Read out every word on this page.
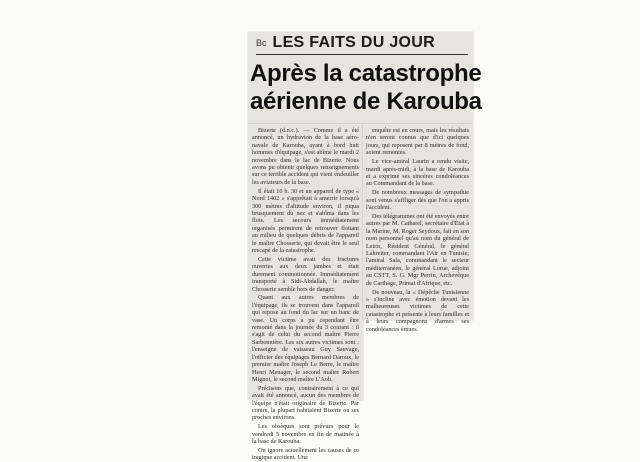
Bc LES FAITS DU JOUR
Après la catastrophe
aérienne de Karouba

Bizerte (d.n.c.). — Comme il a été annoncé, un hydravion de la base aéro-navale de Karouba, ayant à bord huit hommes d'équipage, s'est abîmé le mardi 2 novembre dans le lac de Bizerte. Nous avons pu obtenir quelques renseignements sur ce terrible accident qui vient endeuiller les aviateurs de la base.

Il était 10 h. 30 et un appareil de type « Nord 1402 » s'apprêtait à amerrir lorsqu'à 300 mètres d'altitude environ, il piqua brusquement du nez et s'abîma dans les flots. Les secours immédiatement organisés permirent de retrouver flottant au milieu de quelques débris de l'appareil le maître Chosserie, qui devait être le seul rescapé de la catastrophe.

Cette victime avait des fractures ouvertes aux deux jambes et était durement commotionnée. Immédiatement transporté à Sidi-Abdallah, le maître Chosserie semble hors de danger.

Quant aux autres membres de l'équipage, ils se trouvent dans l'appareil qui repose au fond du lac sur un banc de vase. Un corps a pu cependant être remonté dans la journée du 3 courant : il s'agit de celui du second maître Pierre Sarbonnière. Les six autres victimes sont : l'enseigne de vaisseau Guy Sauvage, l'officier des équipages Bernard Daroux, le premier maître Joseph Le Berre, le maître Henri Menager, le second maître Robert Mignot, le second maître L'Aob.

Précisons que, contrairement à ce qui avait été annoncé, aucun des membres de l'équipe n'était originaire de Bizerte. Par contre, la plupart habitaient Bizerte ou ses proches environs.

Les obsèques sont prévues pour le vendredi 5 novembre en fin de matinée à la base de Karouba.

On ignore actuellement les causes de ce tragique accident. Une

enquête est en cours, mais les résultats n'en seront connus que d'ici quelques jours, qui reposent par 8 mètres de fond, soient remontés.

Le vice-amiral Laurin a rendu visite, mardi après-midi, à la base de Karouba et a exprimé ses sincères condoléances au Commandant de la base.

De nombreux messages de sympathie sont venus s'affliger dès que l'on a appris l'accident.

Des télégrammes ont été envoyés entre autres par M. Catharel, secrétaire d'État à la Marine, M. Roger Seydoux, fait en son nom personnel qu'au nom du général de Leiris, Résident Général, le général Lahreiter, commandant l'Air en Tunisie; l'amiral Sala, commandant le secteur méditerranéen, le général Lorue, adjoint au CSTT, S. G. Mgr Perrin, Archevêque de Carthage, Primat d'Afrique, etc.

De nouveau, la « Dépêche Tunisienne » s'incline avec émotion devant les malheureuses victimes de cette catastrophe et présente à leurs familles et à leurs compagnons d'armes ses condoléances émues.
